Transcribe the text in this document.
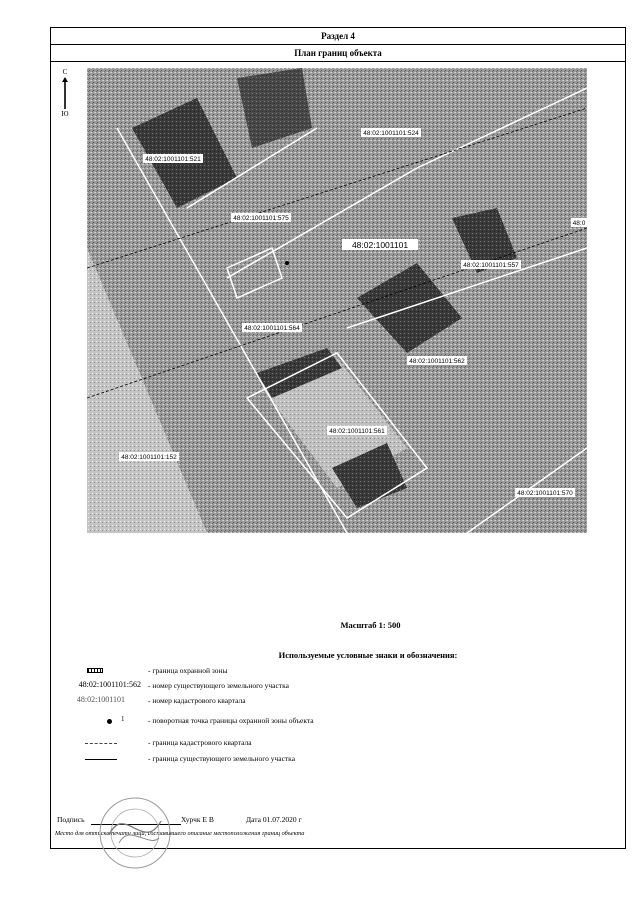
Раздел 4
План границ объекта
С
Ю
48:02:1001101:521
48:02:1001101:524
48:02:1001101:575
48:02:1001101
48:02:1001101:557
48:02:1001101:564
48:02:1001101:562
48:02:1001101:561
48:02:1001101:152
48:02:1001101:570
48:0
Масштаб 1: 500
Используемые условные знаки и обозначения:
- граница охранной зоны
48:02:1001101:562 - номер существующего земельного участка
48:02:1001101	- номер кадастрового квартала
1	- поворотная точка границы охранной зоны объекта
- граница кадастрового квартала
- граница существующего земельного участка
Подпись	Хурчк Е В	Дата 01.07.2020 г
Место для оттиска печати лица, составившего описание местоположения границ объекта
